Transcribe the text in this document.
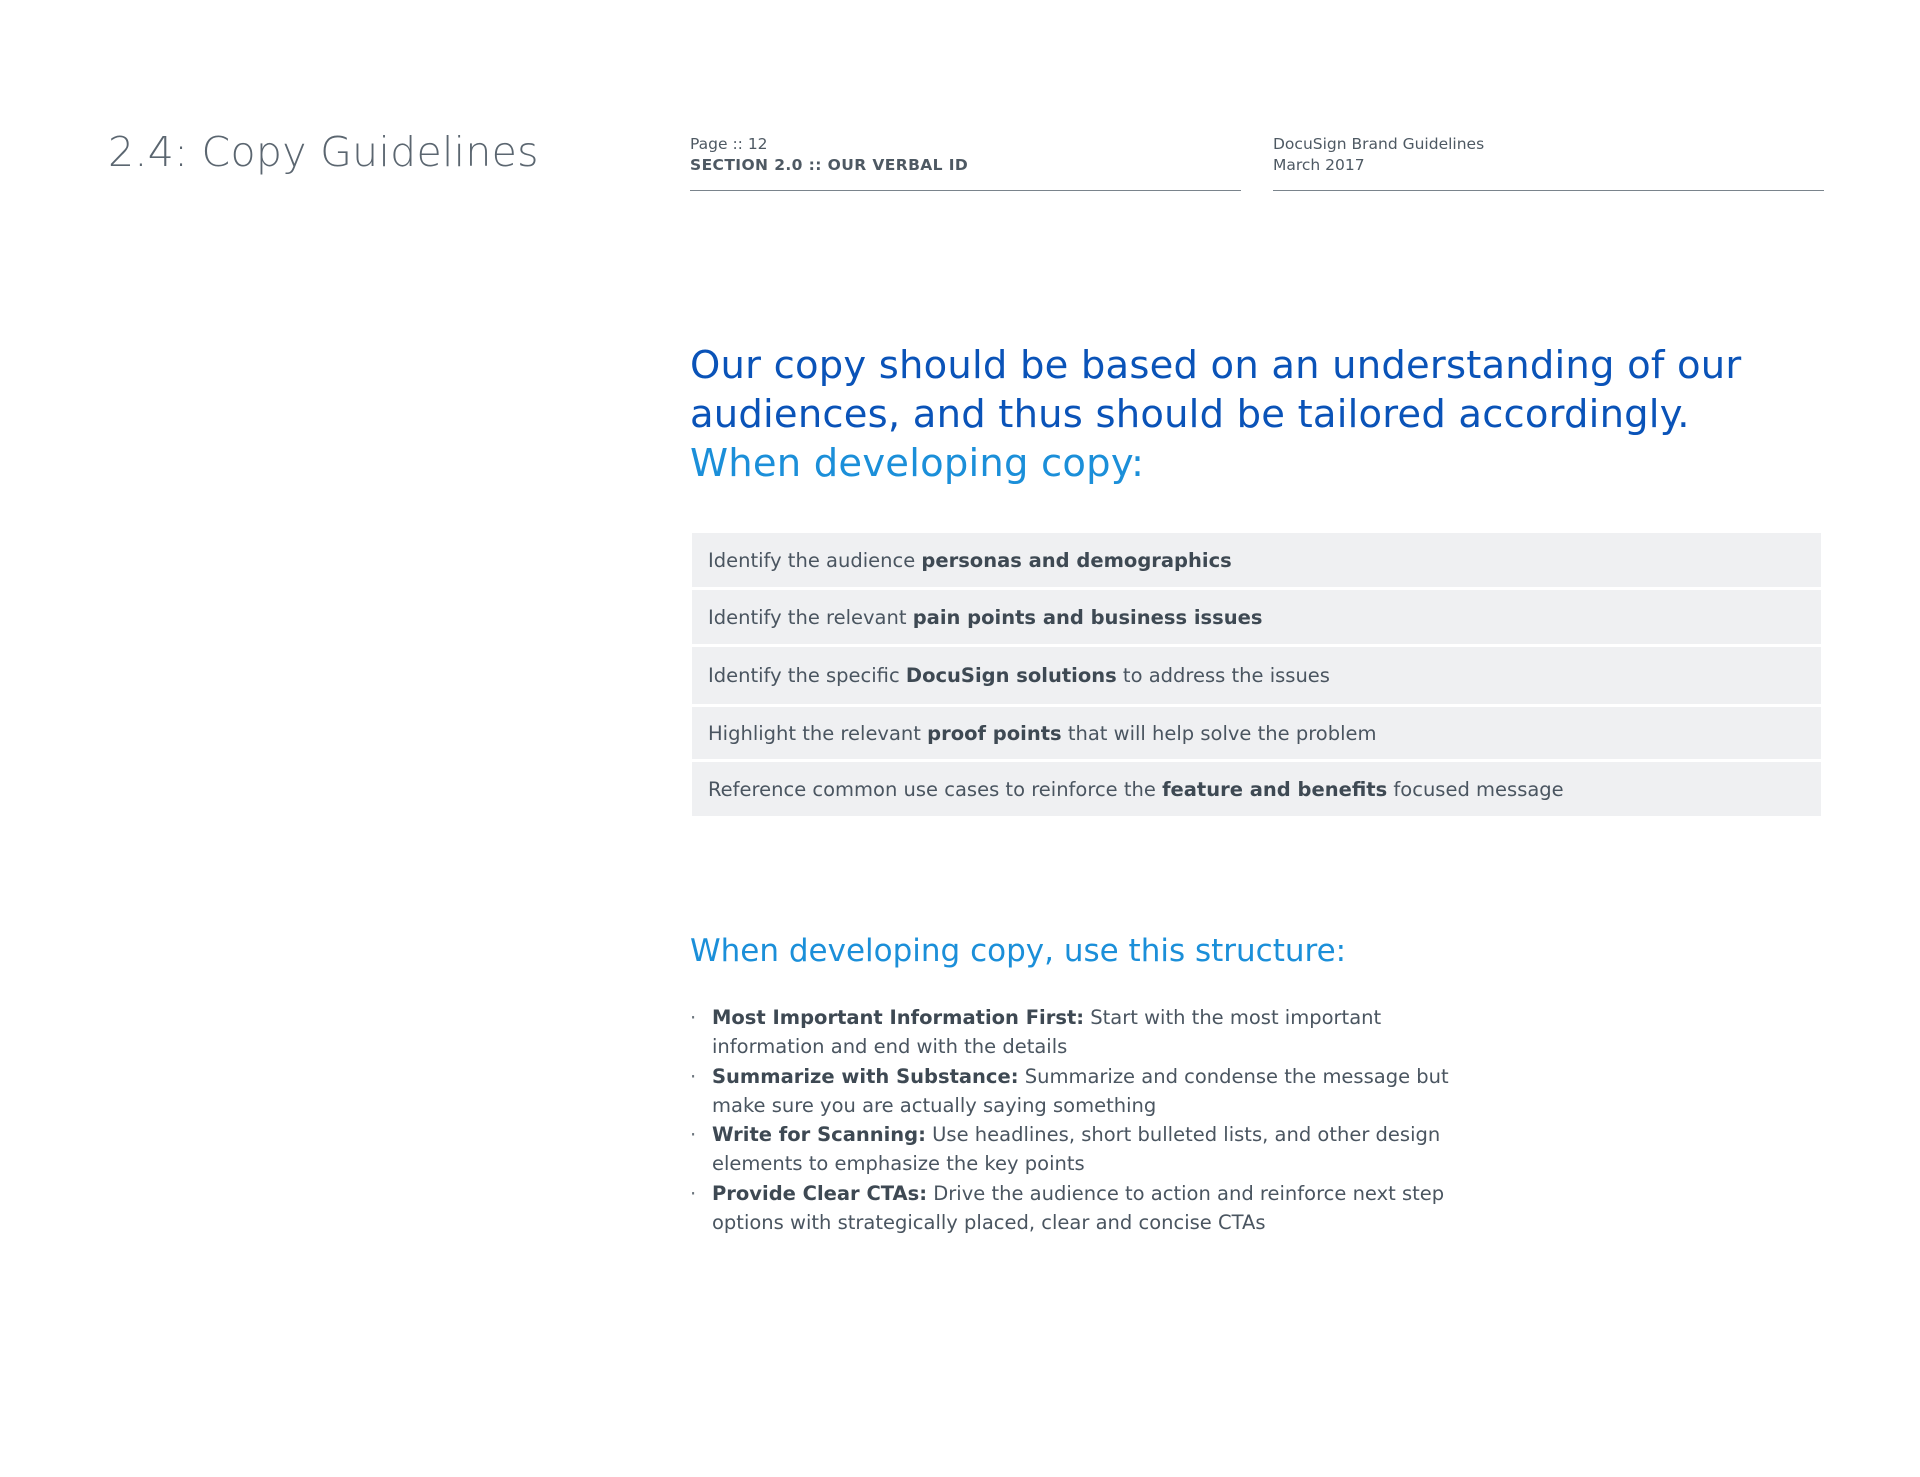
2.4: Copy Guidelines	Page :: 12
SECTION 2.0 :: OUR VERBAL ID
DocuSign Brand Guidelines
March 2017
Our copy should be based on an understanding of our
audiences, and thus should be tailored accordingly.
When developing copy:
Identify the audience personas and demographics
Identify the relevant pain points and business issues
Identify the specific DocuSign solutions to address the issues
Highlight the relevant proof points that will help solve the problem
Reference common use cases to reinforce the feature and benefits focused message
When developing copy, use this structure:
· Most Important Information First: Start with the most important
information and end with the details
· Summarize with Substance: Summarize and condense the message but
make sure you are actually saying something
· Write for Scanning: Use headlines, short bulleted lists, and other design
elements to emphasize the key points
· Provide Clear CTAs: Drive the audience to action and reinforce next step
options with strategically placed, clear and concise CTAs
